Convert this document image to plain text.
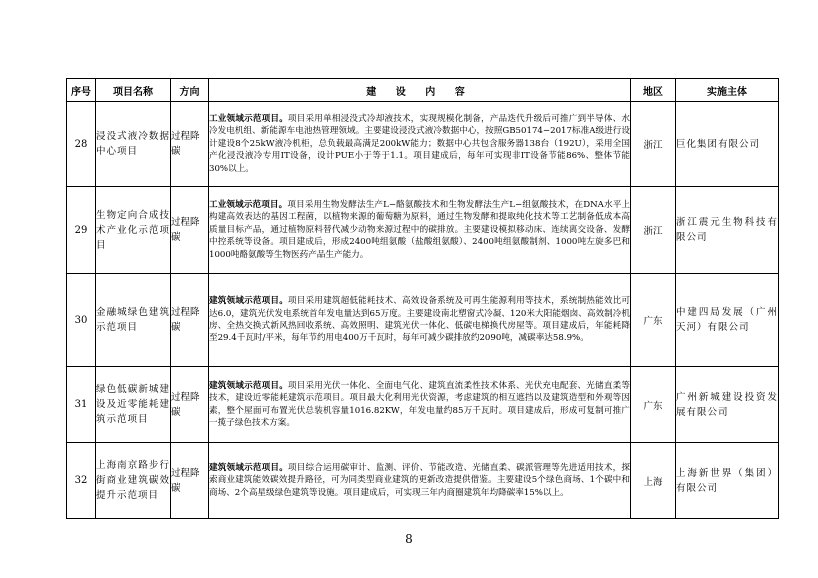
序号	项目名称	方向	建 设 内 容	地区	实施主体
28	浸没式液冷数据中心项目	过程降碳	工业领域示范项目。项目采用单相浸没式冷却液技术，实现规模化制备，产品迭代升级后可推广到半导体、水冷发电机组、新能源车电池热管理领域。主要建设浸没式液冷数据中心，按照GB50174−2017标准A级进行设计建设8个25kW液冷机柜，总负载最高满足200kW能力；数据中心共包含服务器138台（192U），采用全国产化浸没液冷专用IT设备，设计PUE小于等于1.1。项目建成后，每年可实现非IT设备节能86%、整体节能30%以上。	浙江	巨化集团有限公司
29	生物定向合成技术产业化示范项目	过程降碳	工业领域示范项目。项目采用生物发酵法生产L−酪氨酸技术和生物发酵法生产L−组氨酸技术，在DNA水平上构建高效表达的基因工程菌，以植物来源的葡萄糖为原料，通过生物发酵和提取纯化技术等工艺制备低成本高质量目标产品，通过植物原料替代减少动物来源过程中的碳排放。主要建设模拟移动床、连续离交设备、发酵中控系统等设备。项目建成后，形成2400吨组氨酸（盐酸组氨酸）、2400吨组氨酸制剂、1000吨左旋多巴和1000吨酪氨酸等生物医药产品生产能力。	浙江	浙江震元生物科技有限公司
30	金融城绿色建筑示范项目	过程降碳	建筑领域示范项目。项目采用建筑超低能耗技术、高效设备系统及可再生能源利用等技术，系统制热能效比可达6.0，建筑光伏发电系统首年发电量达到65万度。主要建设南北塑窗式冷凝、120米大阳能烟囱、高效制冷机房、全热交换式新风热回收系统、高效照明、建筑光伏一体化、低碳电梯换代房屋等。项目建成后，年能耗降至29.4千瓦时/平米，每年节约用电400万千瓦时，每年可减少碳排放约2090吨，减碳率达58.9%。	广东	中建四局发展（广州天河）有限公司
31	绿色低碳新城建设及近零能耗建筑示范项目	过程降碳	建筑领域示范项目。项目采用光伏一体化、全面电气化、建筑直流柔性技术体系、光伏充电配套、光储直柔等技术，建设近零能耗建筑示范项目。项目最大化利用光伏资源，考虑建筑的相互遮挡以及建筑造型和外观等因素，整个屋面可布置光伏总装机容量1016.82KW，年发电量约85万千瓦时。项目建成后，形成可复制可推广一揽子绿色技术方案。	广东	广州新城建设投资发展有限公司
32	上海南京路步行街商业建筑碳效提升示范项目	过程降碳	建筑领域示范项目。项目综合运用碳审计、监测、评价、节能改造、光储直柔、碳派管理等先进适用技术，探索商业建筑能效碳效提升路径，可为同类型商业建筑的更新改造提供借鉴。主要建设5个绿色商场、1个碳中和商场、2个高星级绿色建筑等设施。项目建成后，可实现三年内商圈建筑年均降碳率15%以上。	上海	上海新世界（集团）有限公司
8
